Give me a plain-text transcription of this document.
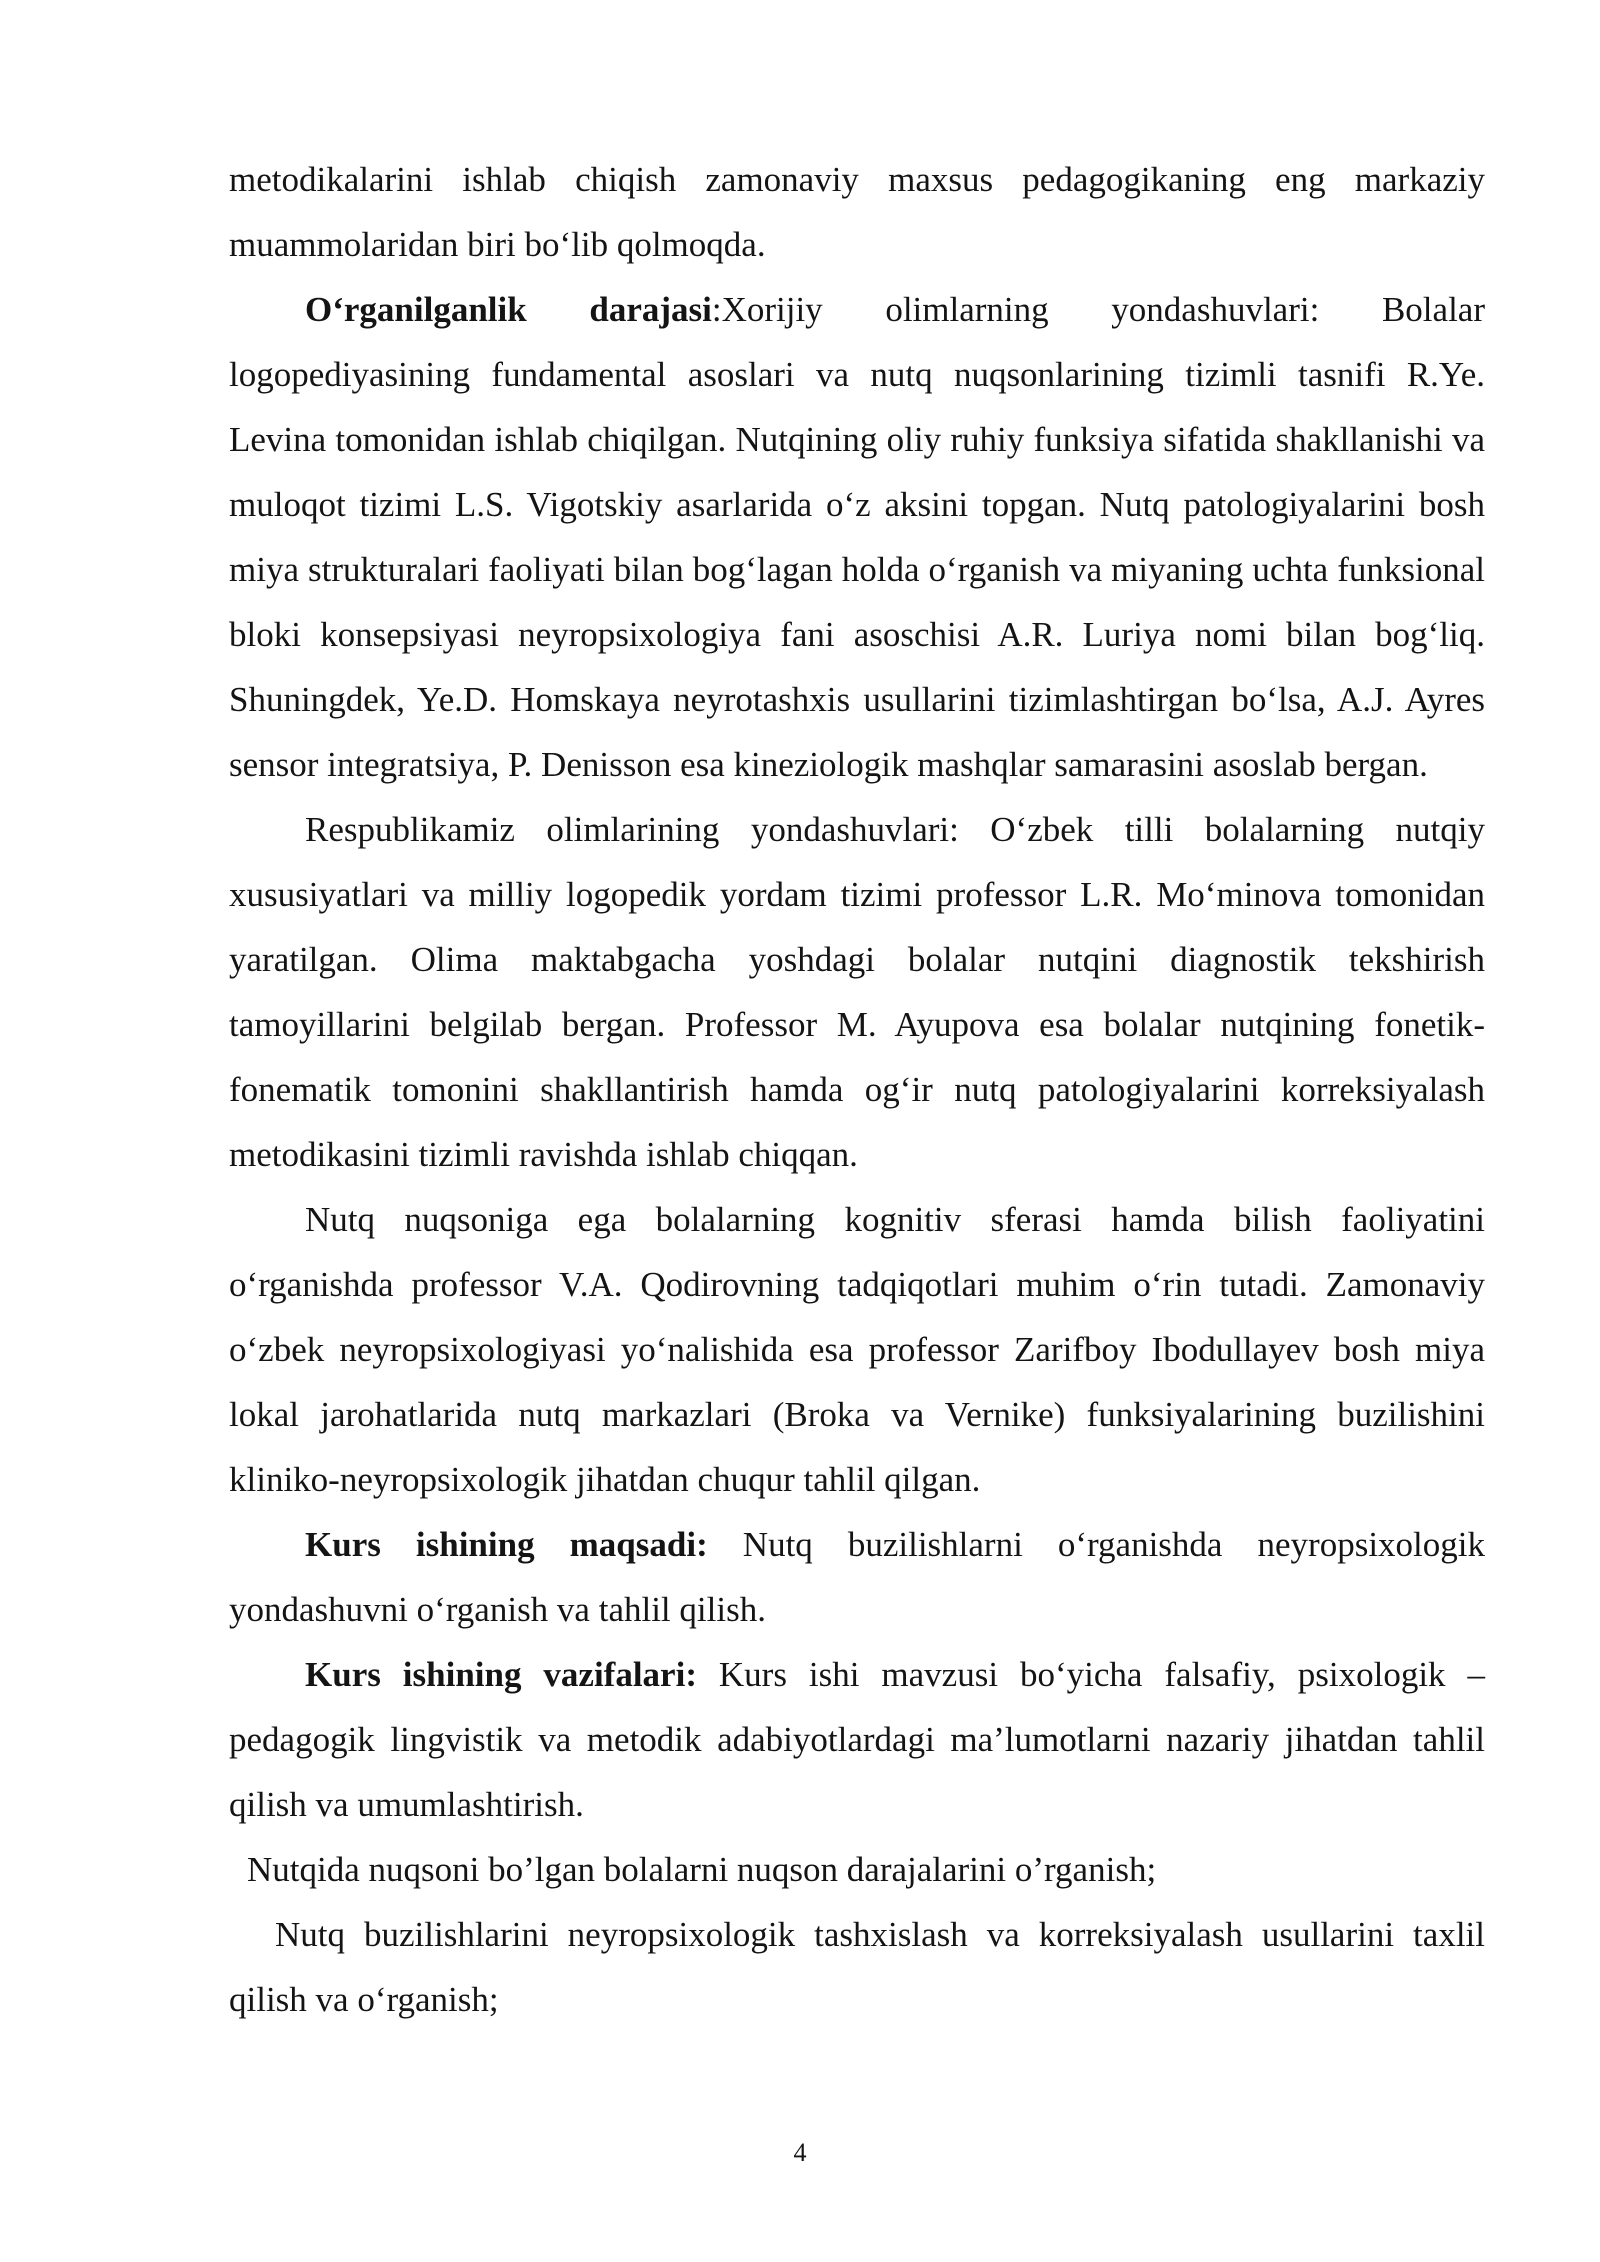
metodikalarini ishlab chiqish zamonaviy maxsus pedagogikaning eng markaziy muammolaridan biri bo‘lib qolmoqda.

O‘rganilganlik darajasi:Xorijiy olimlarning yondashuvlari: Bolalar logopediyasining fundamental asoslari va nutq nuqsonlarining tizimli tasnifi R.Ye. Levina tomonidan ishlab chiqilgan. Nutqining oliy ruhiy funksiya sifatida shakllanishi va muloqot tizimi L.S. Vigotskiy asarlarida o‘z aksini topgan. Nutq patologiyalarini bosh miya strukturalari faoliyati bilan bog‘lagan holda o‘rganish va miyaning uchta funksional bloki konsepsiyasi neyropsixologiya fani asoschisi A.R. Luriya nomi bilan bog‘liq. Shuningdek, Ye.D. Homskaya neyrotashxis usullarini tizimlashtirgan bo‘lsa, A.J. Ayres sensor integratsiya, P. Denisson esa kineziologik mashqlar samarasini asoslab bergan.

Respublikamiz olimlarining yondashuvlari: O‘zbek tilli bolalarning nutqiy xususiyatlari va milliy logopedik yordam tizimi professor L.R. Mo‘minova tomonidan yaratilgan. Olima maktabgacha yoshdagi bolalar nutqini diagnostik tekshirish tamoyillarini belgilab bergan. Professor M. Ayupova esa bolalar nutqining fonetik-fonematik tomonini shakllantirish hamda og‘ir nutq patologiyalarini korreksiyalash metodikasini tizimli ravishda ishlab chiqqan.

Nutq nuqsoniga ega bolalarning kognitiv sferasi hamda bilish faoliyatini o‘rganishda professor V.A. Qodirovning tadqiqotlari muhim o‘rin tutadi. Zamonaviy o‘zbek neyropsixologiyasi yo‘nalishida esa professor Zarifboy Ibodullayev bosh miya lokal jarohatlarida nutq markazlari (Broka va Vernike) funksiyalarining buzilishini kliniko-neyropsixologik jihatdan chuqur tahlil qilgan.

Kurs ishining maqsadi: Nutq buzilishlarni o‘rganishda neyropsixologik yondashuvni o‘rganish va tahlil qilish.

Kurs ishining vazifalari: Kurs ishi mavzusi bo‘yicha falsafiy, psixologik – pedagogik lingvistik va metodik adabiyotlardagi ma’lumotlarni nazariy jihatdan tahlil qilish va umumlashtirish.

Nutqida nuqsoni bo’lgan bolalarni nuqson darajalarini o’rganish;

Nutq buzilishlarini neyropsixologik tashxislash va korreksiyalash usullarini taxlil qilish va o‘rganish;

4
